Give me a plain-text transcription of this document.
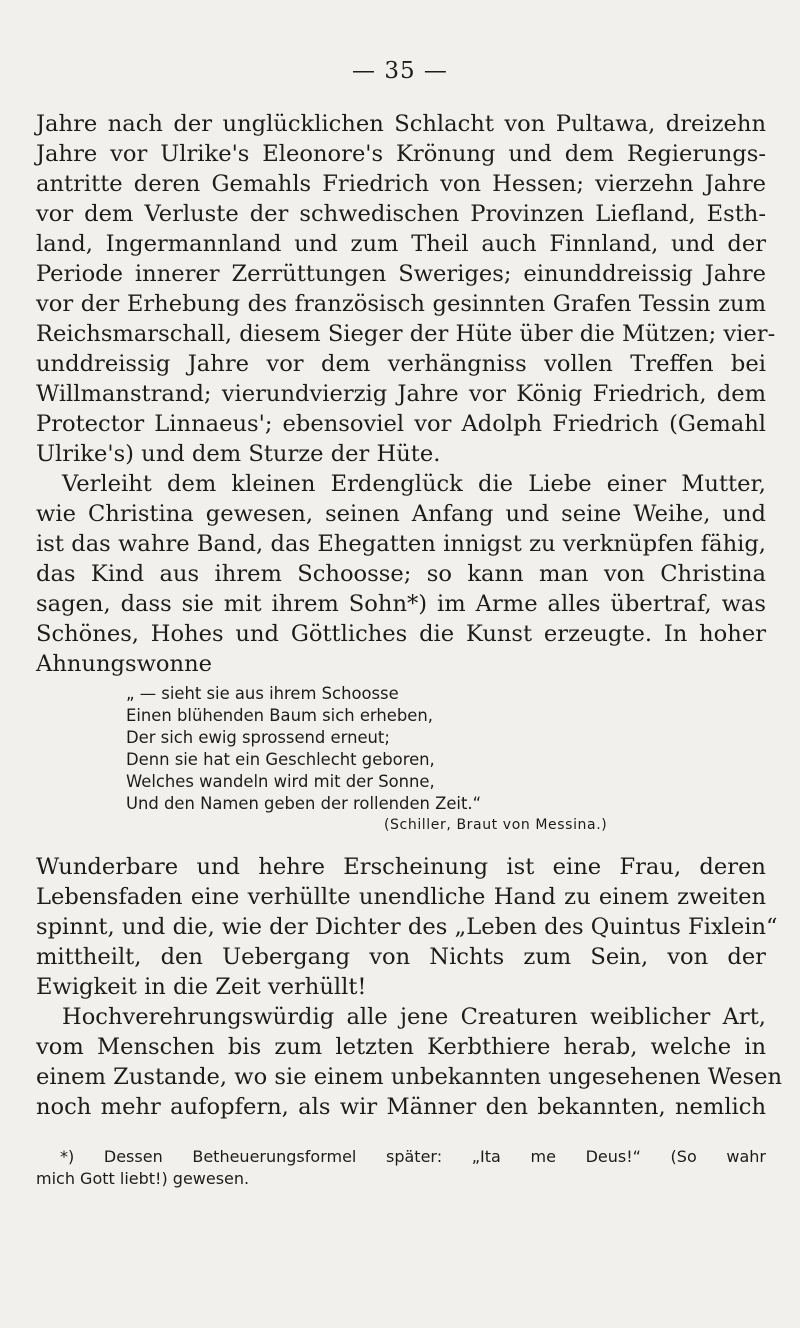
— 35 —
Jahre nach der unglücklichen Schlacht von Pultawa, dreizehn
Jahre vor Ulrike's Eleonore's Krönung und dem Regierungs-
antritte deren Gemahls Friedrich von Hessen; vierzehn Jahre
vor dem Verluste der schwedischen Provinzen Liefland, Esth-
land, Ingermannland und zum Theil auch Finnland, und der
Periode innerer Zerrüttungen Sweriges; einunddreissig Jahre
vor der Erhebung des französisch gesinnten Grafen Tessin zum
Reichsmarschall, diesem Sieger der Hüte über die Mützen; vier-
unddreissig Jahre vor dem verhängniss vollen Treffen bei
Willmanstrand; vierundvierzig Jahre vor König Friedrich, dem
Protector Linnaeus'; ebensoviel vor Adolph Friedrich (Gemahl
Ulrike's) und dem Sturze der Hüte.
Verleiht dem kleinen Erdenglück die Liebe einer Mutter,
wie Christina gewesen, seinen Anfang und seine Weihe, und
ist das wahre Band, das Ehegatten innigst zu verknüpfen fähig,
das Kind aus ihrem Schoosse; so kann man von Christina
sagen, dass sie mit ihrem Sohn*) im Arme alles übertraf, was
Schönes, Hohes und Göttliches die Kunst erzeugte. In hoher
Ahnungswonne
„ — sieht sie aus ihrem Schoosse
Einen blühenden Baum sich erheben,
Der sich ewig sprossend erneut;
Denn sie hat ein Geschlecht geboren,
Welches wandeln wird mit der Sonne,
Und den Namen geben der rollenden Zeit.“
(Schiller, Braut von Messina.)
Wunderbare und hehre Erscheinung ist eine Frau, deren
Lebensfaden eine verhüllte unendliche Hand zu einem zweiten
spinnt, und die, wie der Dichter des „Leben des Quintus Fixlein“
mittheilt, den Uebergang von Nichts zum Sein, von der
Ewigkeit in die Zeit verhüllt!
Hochverehrungswürdig alle jene Creaturen weiblicher Art,
vom Menschen bis zum letzten Kerbthiere herab, welche in
einem Zustande, wo sie einem unbekannten ungesehenen Wesen
noch mehr aufopfern, als wir Männer den bekannten, nemlich
*) Dessen Betheuerungsformel später: „Ita me Deus!“ (So wahr
mich Gott liebt!) gewesen.
